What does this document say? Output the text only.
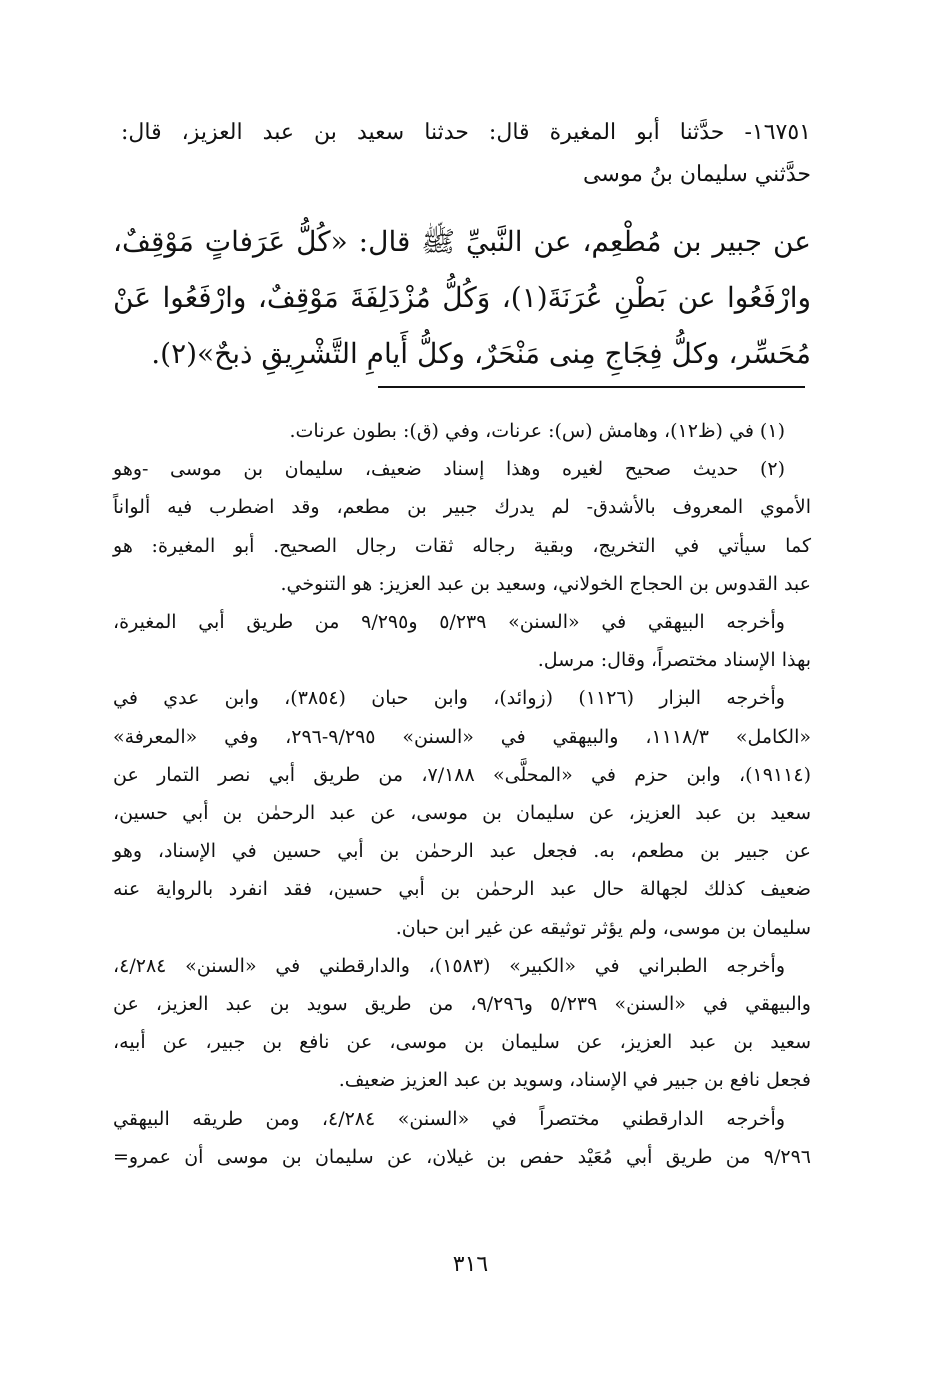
١٦٧٥١- حدَّثنا أبو المغيرة قال: حدثنا سعيد بن عبد العزيز، قال:
حدَّثني سليمان بنُ موسى
عن جبير بن مُطْعِم، عن النَّبيِّ ﷺ قال: «كُلُّ عَرَفاتٍ مَوْقِفٌ،
وارْفَعُوا عن بَطْنِ عُرَنَةَ(١)، وَكُلُّ مُزْدَلِفَةَ مَوْقِفٌ، وارْفَعُوا عَنْ
مُحَسِّر، وكلُّ فِجَاجِ مِنى مَنْحَرٌ، وكلُّ أَيامِ التَّشْرِيقِ ذبحٌ»(٢).
(١) في (ظ١٢)، وهامش (س): عرنات، وفي (ق): بطون عرنات.
(٢) حديث صحيح لغيره وهذا إسناد ضعيف، سليمان بن موسى -وهو
الأموي المعروف بالأشدق- لم يدرك جبير بن مطعم، وقد اضطرب فيه ألواناً
كما سيأتي في التخريج، وبقية رجاله ثقات رجال الصحيح. أبو المغيرة: هو
عبد القدوس بن الحجاج الخولاني، وسعيد بن عبد العزيز: هو التنوخي.
وأخرجه البيهقي في «السنن» ٥/٢٣٩ و٩/٢٩٥ من طريق أبي المغيرة،
بهذا الإسناد مختصراً، وقال: مرسل.
وأخرجه البزار (١١٢٦) (زوائد)، وابن حبان (٣٨٥٤)، وابن عدي في
«الكامل» ١١١٨/٣، والبيهقي في «السنن» ٩/٢٩٥-٢٩٦، وفي «المعرفة»
(١٩١١٤)، وابن حزم في «المحلَّى» ٧/١٨٨، من طريق أبي نصر التمار عن
سعيد بن عبد العزيز، عن سليمان بن موسى، عن عبد الرحمٰن بن أبي حسين،
عن جبير بن مطعم، به. فجعل عبد الرحمٰن بن أبي حسين في الإسناد، وهو
ضعيف كذلك لجهالة حال عبد الرحمٰن بن أبي حسين، فقد انفرد بالرواية عنه
سليمان بن موسى، ولم يؤثر توثيقه عن غير ابن حبان.
وأخرجه الطبراني في «الكبير» (١٥٨٣)، والدارقطني في «السنن» ٤/٢٨٤،
والبيهقي في «السنن» ٥/٢٣٩ و٩/٢٩٦، من طريق سويد بن عبد العزيز، عن
سعيد بن عبد العزيز، عن سليمان بن موسى، عن نافع بن جبير، عن أبيه،
فجعل نافع بن جبير في الإسناد، وسويد بن عبد العزيز ضعيف.
وأخرجه الدارقطني مختصراً في «السنن» ٤/٢٨٤، ومن طريقه البيهقي
٩/٢٩٦ من طريق أبي مُعَيْد حفص بن غيلان، عن سليمان بن موسى أن عمرو=
٣١٦
